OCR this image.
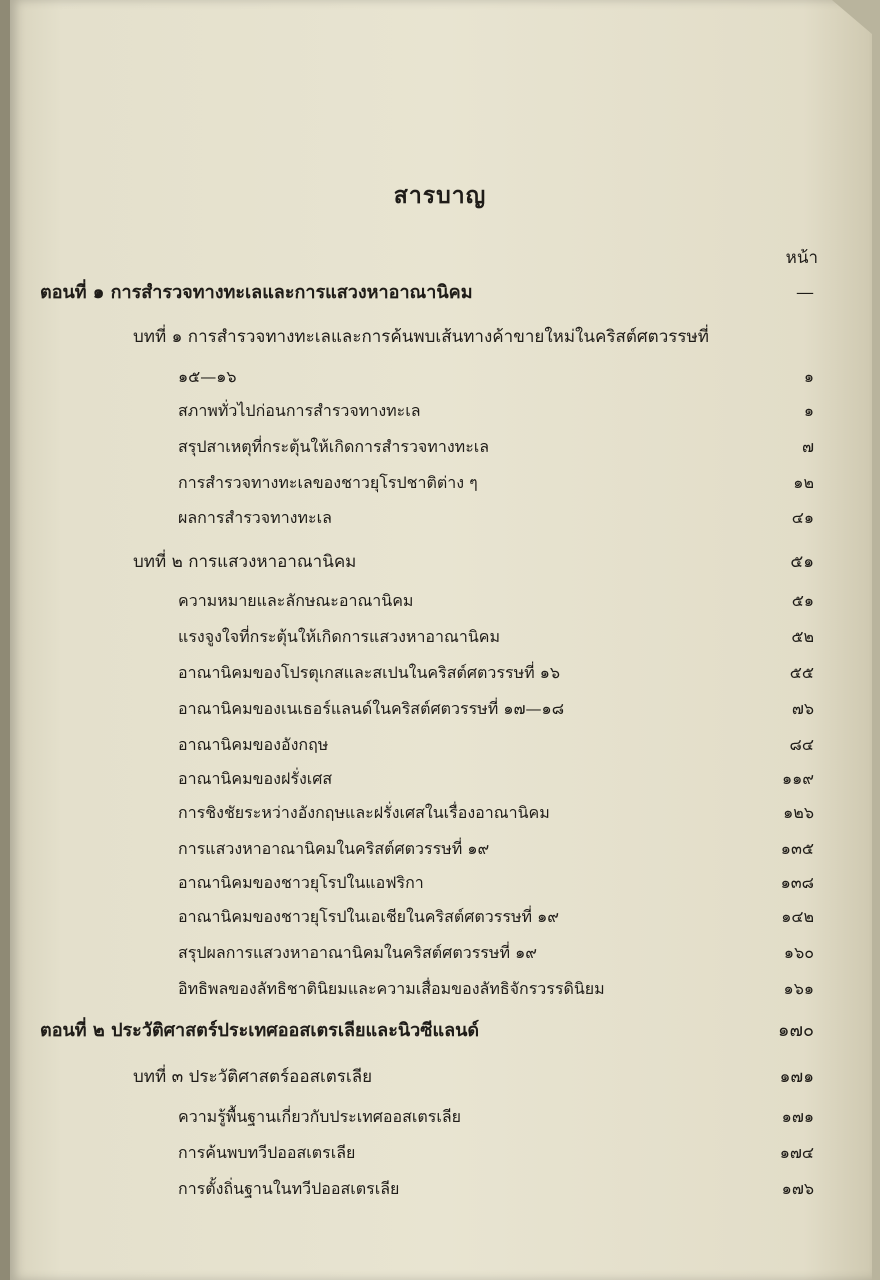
สารบาญ
หน้า
ตอนที่ ๑ การสำรวจทางทะเลและการแสวงหาอาณานิคม	—
บทที่ ๑ การสำรวจทางทะเลและการค้นพบเส้นทางค้าขายใหม่ในคริสต์ศตวรรษที่
๑๕—๑๖	๑
สภาพทั่วไปก่อนการสำรวจทางทะเล	๑
สรุปสาเหตุที่กระตุ้นให้เกิดการสำรวจทางทะเล	๗
การสำรวจทางทะเลของชาวยุโรปชาติต่าง ๆ	๑๒
ผลการสำรวจทางทะเล	๔๑
บทที่ ๒ การแสวงหาอาณานิคม	๕๑
ความหมายและลักษณะอาณานิคม	๕๑
แรงจูงใจที่กระตุ้นให้เกิดการแสวงหาอาณานิคม	๕๒
อาณานิคมของโปรตุเกสและสเปนในคริสต์ศตวรรษที่ ๑๖	๕๕
อาณานิคมของเนเธอร์แลนด์ในคริสต์ศตวรรษที่ ๑๗—๑๘	๗๖
อาณานิคมของอังกฤษ	๘๔
อาณานิคมของฝรั่งเศส	๑๑๙
การชิงชัยระหว่างอังกฤษและฝรั่งเศสในเรื่องอาณานิคม	๑๒๖
การแสวงหาอาณานิคมในคริสต์ศตวรรษที่ ๑๙	๑๓๕
อาณานิคมของชาวยุโรปในแอฟริกา	๑๓๘
อาณานิคมของชาวยุโรปในเอเชียในคริสต์ศตวรรษที่ ๑๙	๑๔๒
สรุปผลการแสวงหาอาณานิคมในคริสต์ศตวรรษที่ ๑๙	๑๖๐
อิทธิพลของลัทธิชาตินิยมและความเสื่อมของลัทธิจักรวรรดินิยม	๑๖๑
ตอนที่ ๒ ประวัติศาสตร์ประเทศออสเตรเลียและนิวซีแลนด์	๑๗๐
บทที่ ๓ ประวัติศาสตร์ออสเตรเลีย	๑๗๑
ความรู้พื้นฐานเกี่ยวกับประเทศออสเตรเลีย	๑๗๑
การค้นพบทวีปออสเตรเลีย	๑๗๔
การตั้งถิ่นฐานในทวีปออสเตรเลีย	๑๗๖
